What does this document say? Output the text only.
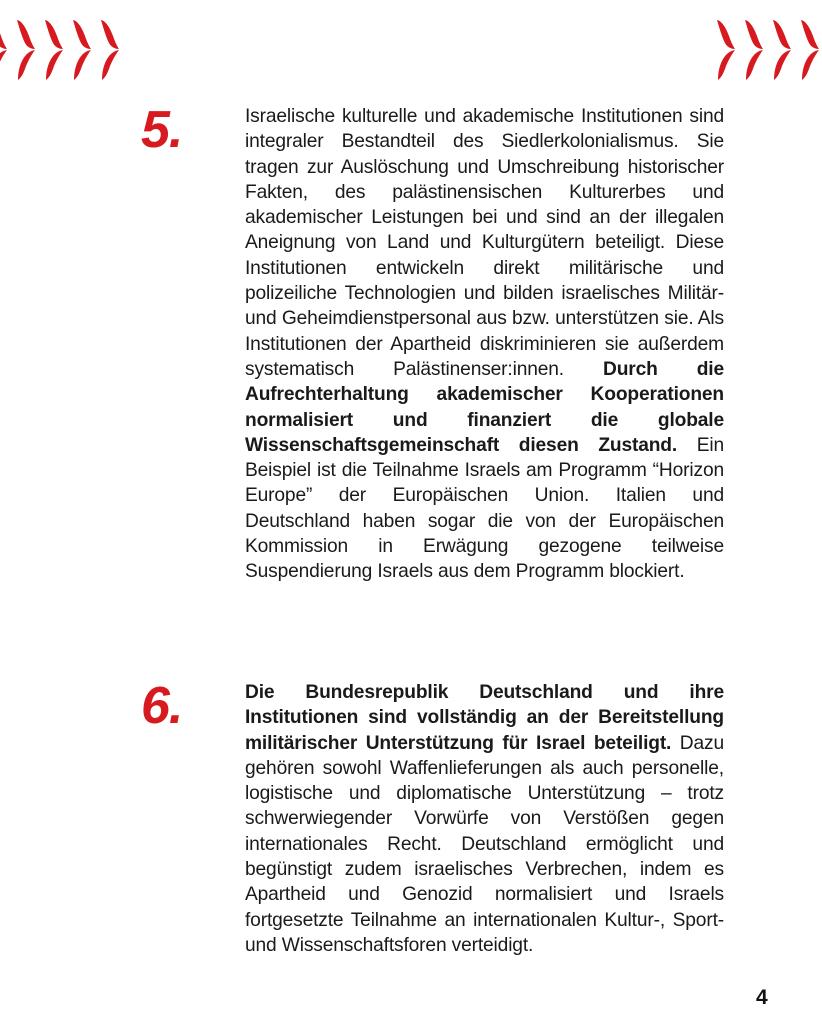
5.	Israelische kulturelle und akademische Institutionen sind integraler Bestandteil des Siedlerkolonialismus. Sie tragen zur Auslöschung und Umschreibung historischer Fakten, des palästinensischen Kulturerbes und akademischer Leistungen bei und sind an der illegalen Aneignung von Land und Kulturgütern beteiligt. Diese Institutionen entwickeln direkt militärische und polizeiliche Technologien und bilden israelisches Militär- und Geheimdienstpersonal aus bzw. unterstützen sie. Als Institutionen der Apartheid diskriminieren sie außerdem systematisch Palästinenser:innen. Durch die Aufrechterhaltung akademischer Kooperationen normalisiert und finanziert die globale Wissenschaftsgemeinschaft diesen Zustand. Ein Beispiel ist die Teilnahme Israels am Programm “Horizon Europe” der Europäischen Union. Italien und Deutschland haben sogar die von der Europäischen Kommission in Erwägung gezogene teilweise Suspendierung Israels aus dem Programm blockiert.

6.	Die Bundesrepublik Deutschland und ihre Institutionen sind vollständig an der Bereitstellung militärischer Unterstützung für Israel beteiligt. Dazu gehören sowohl Waffenlieferungen als auch personelle, logistische und diplomatische Unterstützung – trotz schwerwiegender Vorwürfe von Verstößen gegen internationales Recht. Deutschland ermöglicht und begünstigt zudem israelisches Verbrechen, indem es Apartheid und Genozid normalisiert und Israels fortgesetzte Teilnahme an internationalen Kultur-, Sport- und Wissenschaftsforen verteidigt.

4
